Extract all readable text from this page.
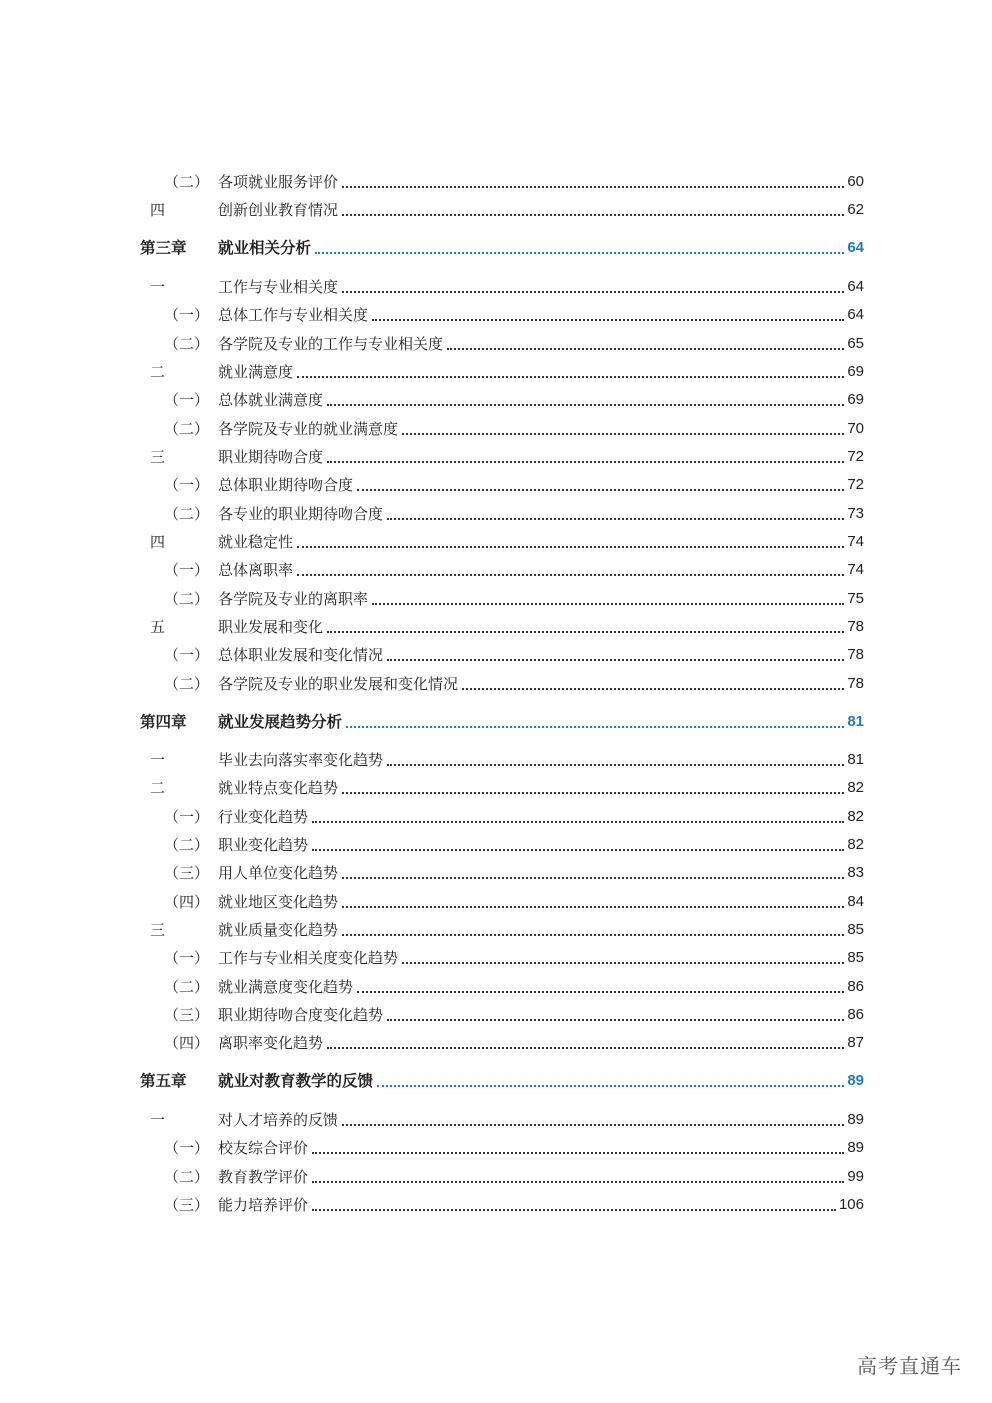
（二） 各项就业服务评价	60
四	创新创业教育情况	62
第三章 就业相关分析	64
一	工作与专业相关度	64
（一） 总体工作与专业相关度	64
（二） 各学院及专业的工作与专业相关度	65
二	就业满意度	69
（一） 总体就业满意度	69
（二） 各学院及专业的就业满意度	70
三	职业期待吻合度	72
（一） 总体职业期待吻合度	72
（二） 各专业的职业期待吻合度	73
四	就业稳定性	74
（一） 总体离职率	74
（二） 各学院及专业的离职率	75
五	职业发展和变化	78
（一） 总体职业发展和变化情况	78
（二） 各学院及专业的职业发展和变化情况	78
第四章 就业发展趋势分析	81
一	毕业去向落实率变化趋势	81
二	就业特点变化趋势	82
（一） 行业变化趋势	82
（二） 职业变化趋势	82
（三） 用人单位变化趋势	83
（四） 就业地区变化趋势	84
三	就业质量变化趋势	85
（一） 工作与专业相关度变化趋势	85
（二） 就业满意度变化趋势	86
（三） 职业期待吻合度变化趋势	86
（四） 离职率变化趋势	87
第五章 就业对教育教学的反馈	89
一	对人才培养的反馈	89
（一） 校友综合评价	89
（二） 教育教学评价	99
（三） 能力培养评价	106
高考直通车
